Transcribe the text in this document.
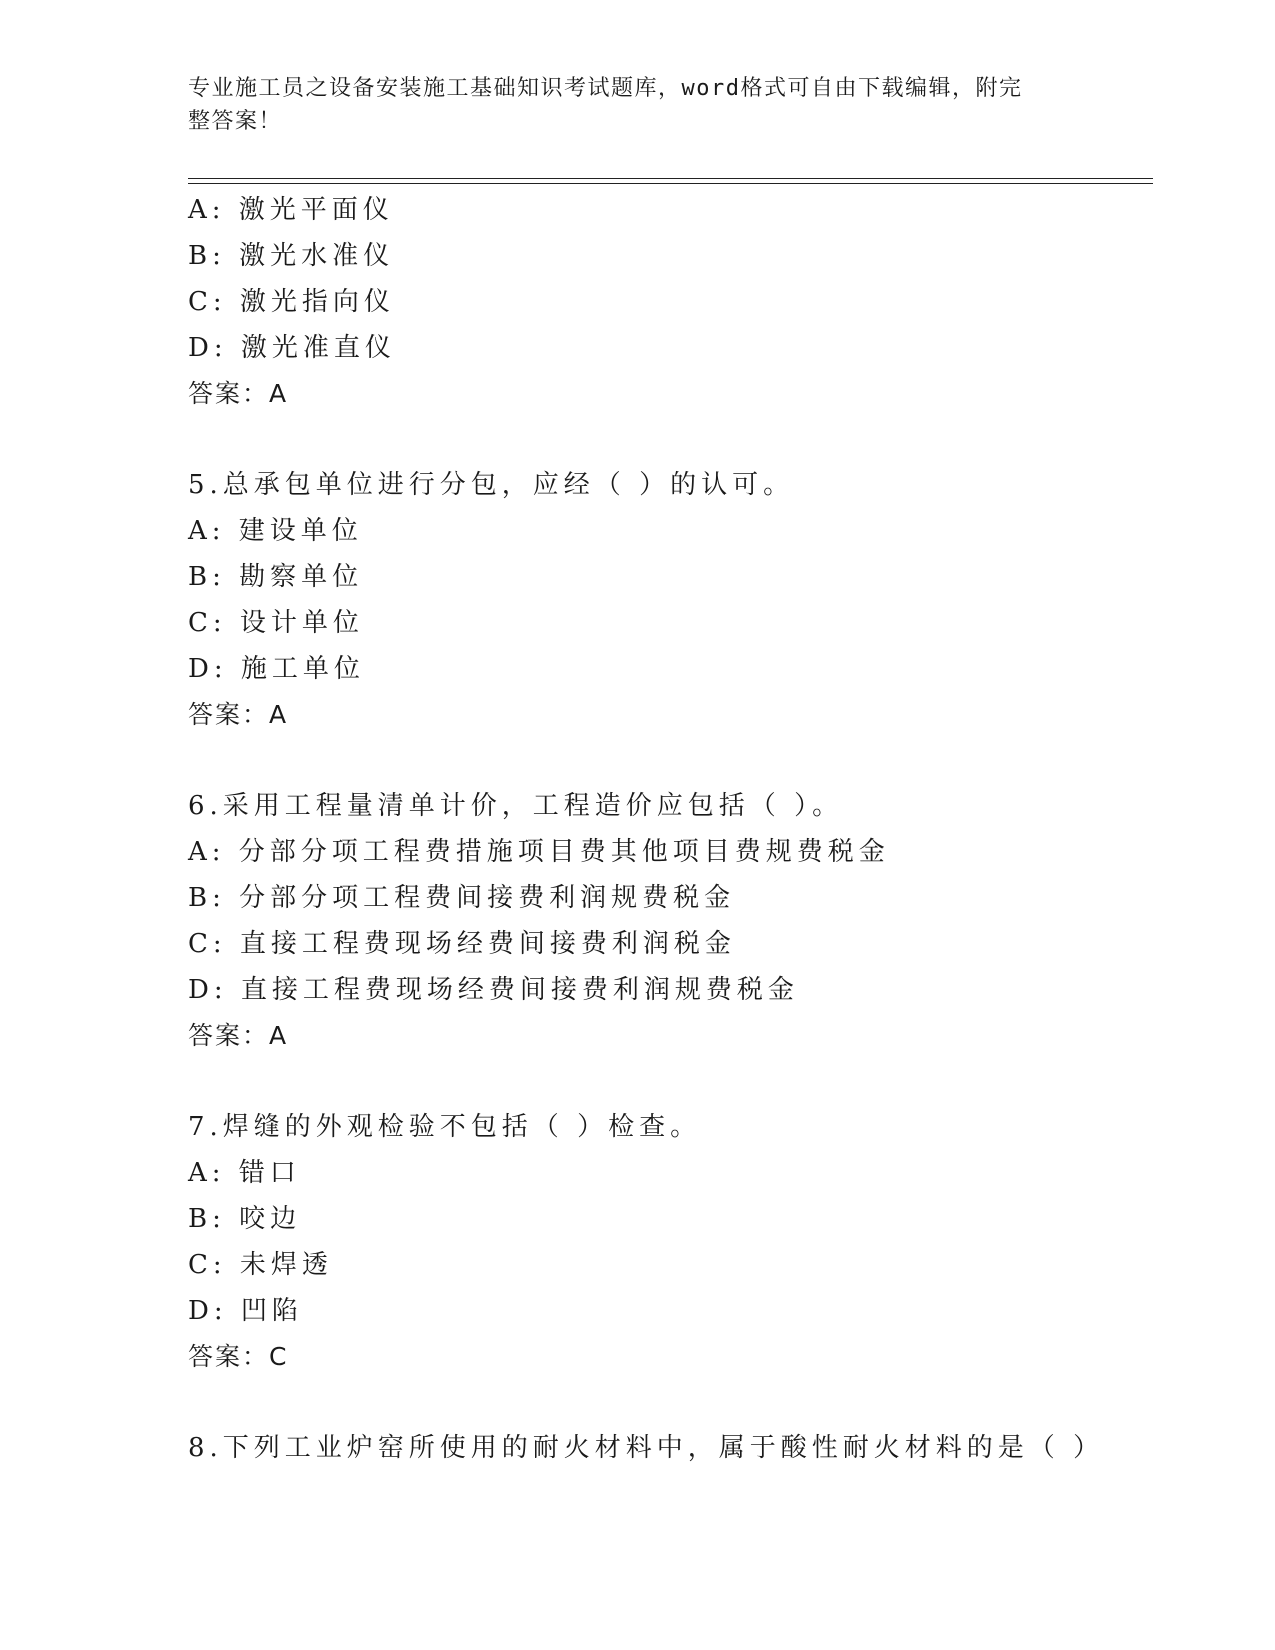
专业施工员之设备安装施工基础知识考试题库，word格式可自由下载编辑，附完
整答案！
A: 激光平面仪
B: 激光水准仪
C: 激光指向仪
D: 激光准直仪
答案：A
5.总承包单位进行分包，应经（ ）的认可。
A: 建设单位
B: 勘察单位
C: 设计单位
D: 施工单位
答案：A
6.采用工程量清单计价，工程造价应包括（ ）。
A: 分部分项工程费措施项目费其他项目费规费税金
B: 分部分项工程费间接费利润规费税金
C: 直接工程费现场经费间接费利润税金
D: 直接工程费现场经费间接费利润规费税金
答案：A
7.焊缝的外观检验不包括（ ）检查。
A: 错口
B: 咬边
C: 未焊透
D: 凹陷
答案：C
8.下列工业炉窑所使用的耐火材料中，属于酸性耐火材料的是（ ）
